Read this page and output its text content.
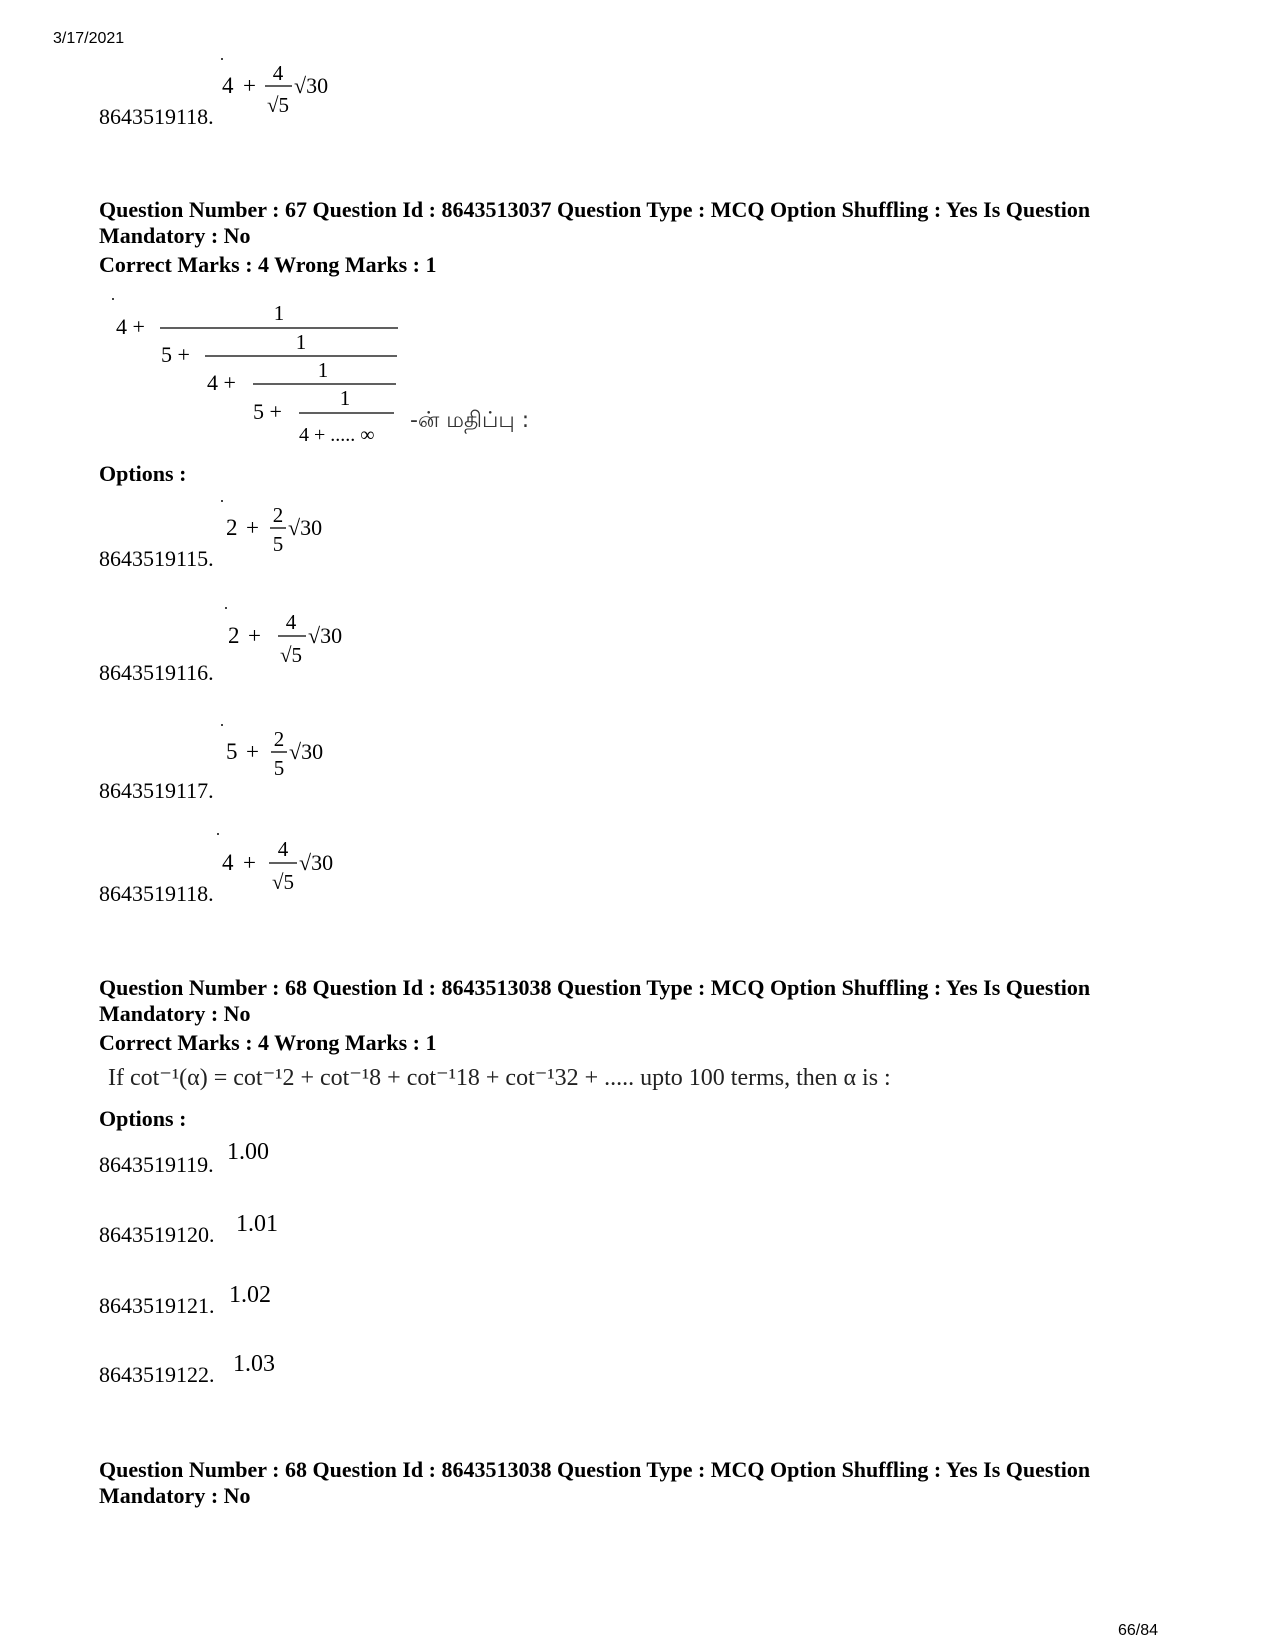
3/17/2021
4 + 4
√5
√30
8643519118.
Question Number : 67 Question Id : 8643513037 Question Type : MCQ Option Shuffling : Yes Is Question Mandatory : No
Correct Marks : 4 Wrong Marks : 1
4 +
1
5 +	1
4 +	1
5 +
1
4 + ..... ∞
-ன் மதிப்பு :
Options :
2 + 2
5
√30
8643519115.
2 +
4
√5
√30
8643519116.
5 + 2
5
√30
8643519117.
4 +
4
√5
√30
8643519118.
Question Number : 68 Question Id : 8643513038 Question Type : MCQ Option Shuffling : Yes Is Question Mandatory : No
Correct Marks : 4 Wrong Marks : 1
If cot⁻¹(α) = cot⁻¹2 + cot⁻¹8 + cot⁻¹18 + cot⁻¹32 + ..... upto 100 terms, then α is :
Options :
8643519119. 1.00
8643519120. 1.01
8643519121. 1.02
8643519122. 1.03
Question Number : 68 Question Id : 8643513038 Question Type : MCQ Option Shuffling : Yes Is Question Mandatory : No
66/84
